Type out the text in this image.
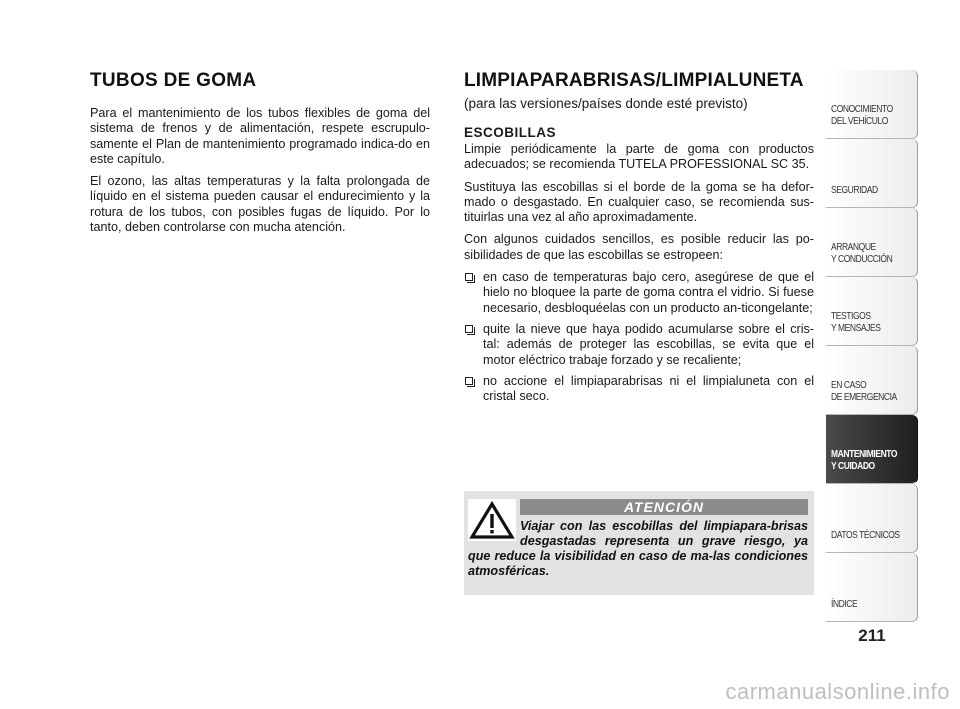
TUBOS DE GOMA

Para el mantenimiento de los tubos flexibles de goma del sistema de frenos y de alimentación, respete escrupulo-samente el Plan de mantenimiento programado indica-do en este capítulo.

El ozono, las altas temperaturas y la falta prolongada de líquido en el sistema pueden causar el endurecimiento y la rotura de los tubos, con posibles fugas de líquido. Por lo tanto, deben controlarse con mucha atención.

LIMPIAPARABRISAS/LIMPIALUNETA
(para las versiones/países donde esté previsto)
ESCOBILLAS

Limpie periódicamente la parte de goma con productos adecuados; se recomienda TUTELA PROFESSIONAL SC 35.

Sustituya las escobillas si el borde de la goma se ha defor-mado o desgastado. En cualquier caso, se recomienda sus-tituirlas una vez al año aproximadamente.

Con algunos cuidados sencillos, es posible reducir las po-sibilidades de que las escobillas se estropeen:

en caso de temperaturas bajo cero, asegúrese de que el hielo no bloquee la parte de goma contra el vidrio. Si fuese necesario, desbloquéelas con un producto an-ticongelante;
quite la nieve que haya podido acumularse sobre el cris-tal: además de proteger las escobillas, se evita que el motor eléctrico trabaje forzado y se recaliente;
no accione el limpiaparabrisas ni el limpialuneta con el cristal seco.
ATENCIÓN
Viajar con las escobillas del limpiapara-brisas desgastadas representa un grave riesgo, ya que reduce la visibilidad en caso de ma-las condiciones atmosféricas.
CONOCIMIENTO
DEL VEHÍCULO
SEGURIDAD
ARRANQUE
Y CONDUCCIÓN
TESTIGOS
Y MENSAJES
EN CASO
DE EMERGENCIA
MANTENIMIENTO
Y CUIDADO
DATOS TÉCNICOS
ÍNDICE
211
carmanualsonline.info
